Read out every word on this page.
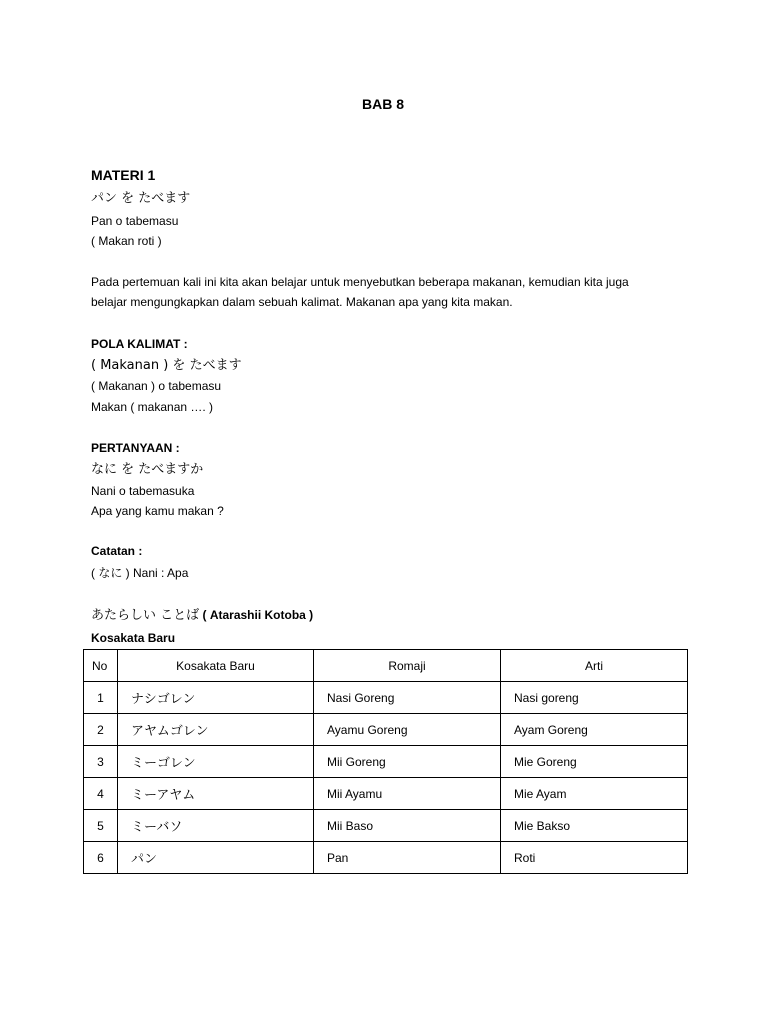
BAB 8
MATERI 1
パン を たべます
Pan o tabemasu
( Makan roti )
Pada pertemuan kali ini kita akan belajar untuk menyebutkan beberapa makanan, kemudian kita juga
belajar mengungkapkan dalam sebuah kalimat. Makanan apa yang kita makan.
POLA KALIMAT :
( Makanan ) を たべます
( Makanan ) o tabemasu
Makan ( makanan …. )
PERTANYAAN :
なに を たべますか
Nani o tabemasuka
Apa yang kamu makan ?
Catatan :
( なに ) Nani : Apa
あたらしい ことば ( Atarashii Kotoba )
Kosakata Baru
No	Kosakata Baru	Romaji	Arti
1	ナシゴレン	Nasi Goreng	Nasi goreng
2	アヤムゴレン	Ayamu Goreng	Ayam Goreng
3	ミーゴレン	Mii Goreng	Mie Goreng
4	ミーアヤム	Mii Ayamu	Mie Ayam
5	ミーバソ	Mii Baso	Mie Bakso
6	パン	Pan	Roti
